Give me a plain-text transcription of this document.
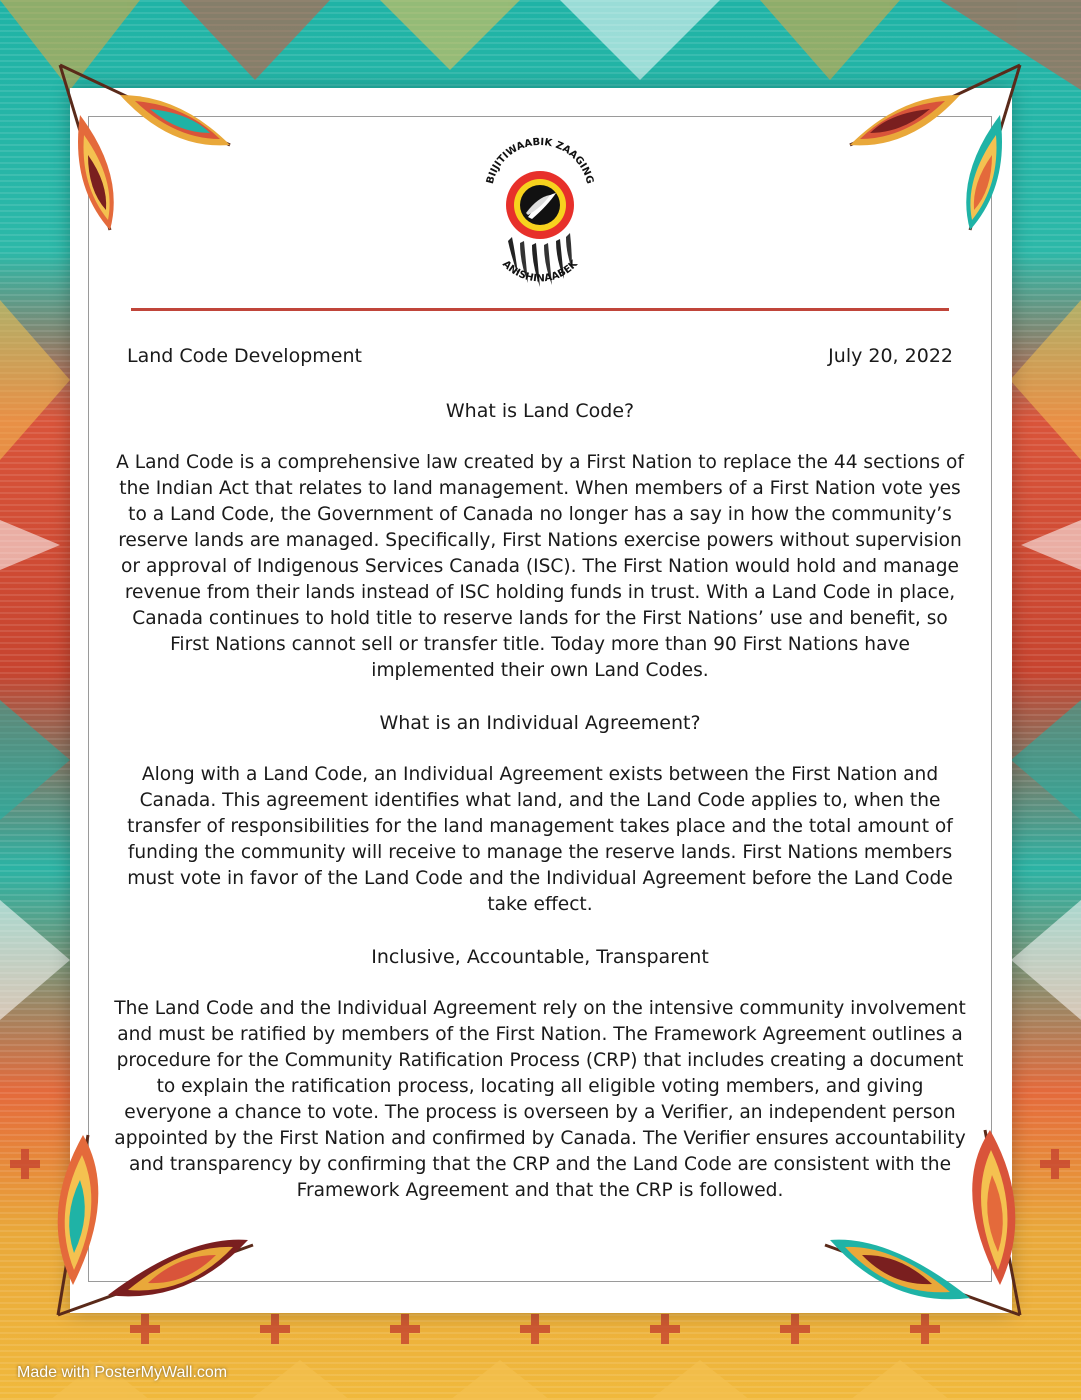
BIIJITIWAABIK ZAAGING
ANISHINAABEK
Land Code Development	July 20, 2022
What is Land Code?

A Land Code is a comprehensive law created by a First Nation to replace the 44 sections of the Indian Act that relates to land management. When members of a First Nation vote yes to a Land Code, the Government of Canada no longer has a say in how the community’s reserve lands are managed. Specifically, First Nations exercise powers without supervision or approval of Indigenous Services Canada (ISC). The First Nation would hold and manage revenue from their lands instead of ISC holding funds in trust. With a Land Code in place, Canada continues to hold title to reserve lands for the First Nations’ use and benefit, so First Nations cannot sell or transfer title. Today more than 90 First Nations have implemented their own Land Codes.

What is an Individual Agreement?

Along with a Land Code, an Individual Agreement exists between the First Nation and Canada. This agreement identifies what land, and the Land Code applies to, when the transfer of responsibilities for the land management takes place and the total amount of funding the community will receive to manage the reserve lands. First Nations members must vote in favor of the Land Code and the Individual Agreement before the Land Code take effect.

Inclusive, Accountable, Transparent

The Land Code and the Individual Agreement rely on the intensive community involvement and must be ratified by members of the First Nation. The Framework Agreement outlines a procedure for the Community Ratification Process (CRP) that includes creating a document to explain the ratification process, locating all eligible voting members, and giving everyone a chance to vote. The process is overseen by a Verifier, an independent person appointed by the First Nation and confirmed by Canada. The Verifier ensures accountability and transparency by confirming that the CRP and the Land Code are consistent with the Framework Agreement and that the CRP is followed.

Made with PosterMyWall.com
